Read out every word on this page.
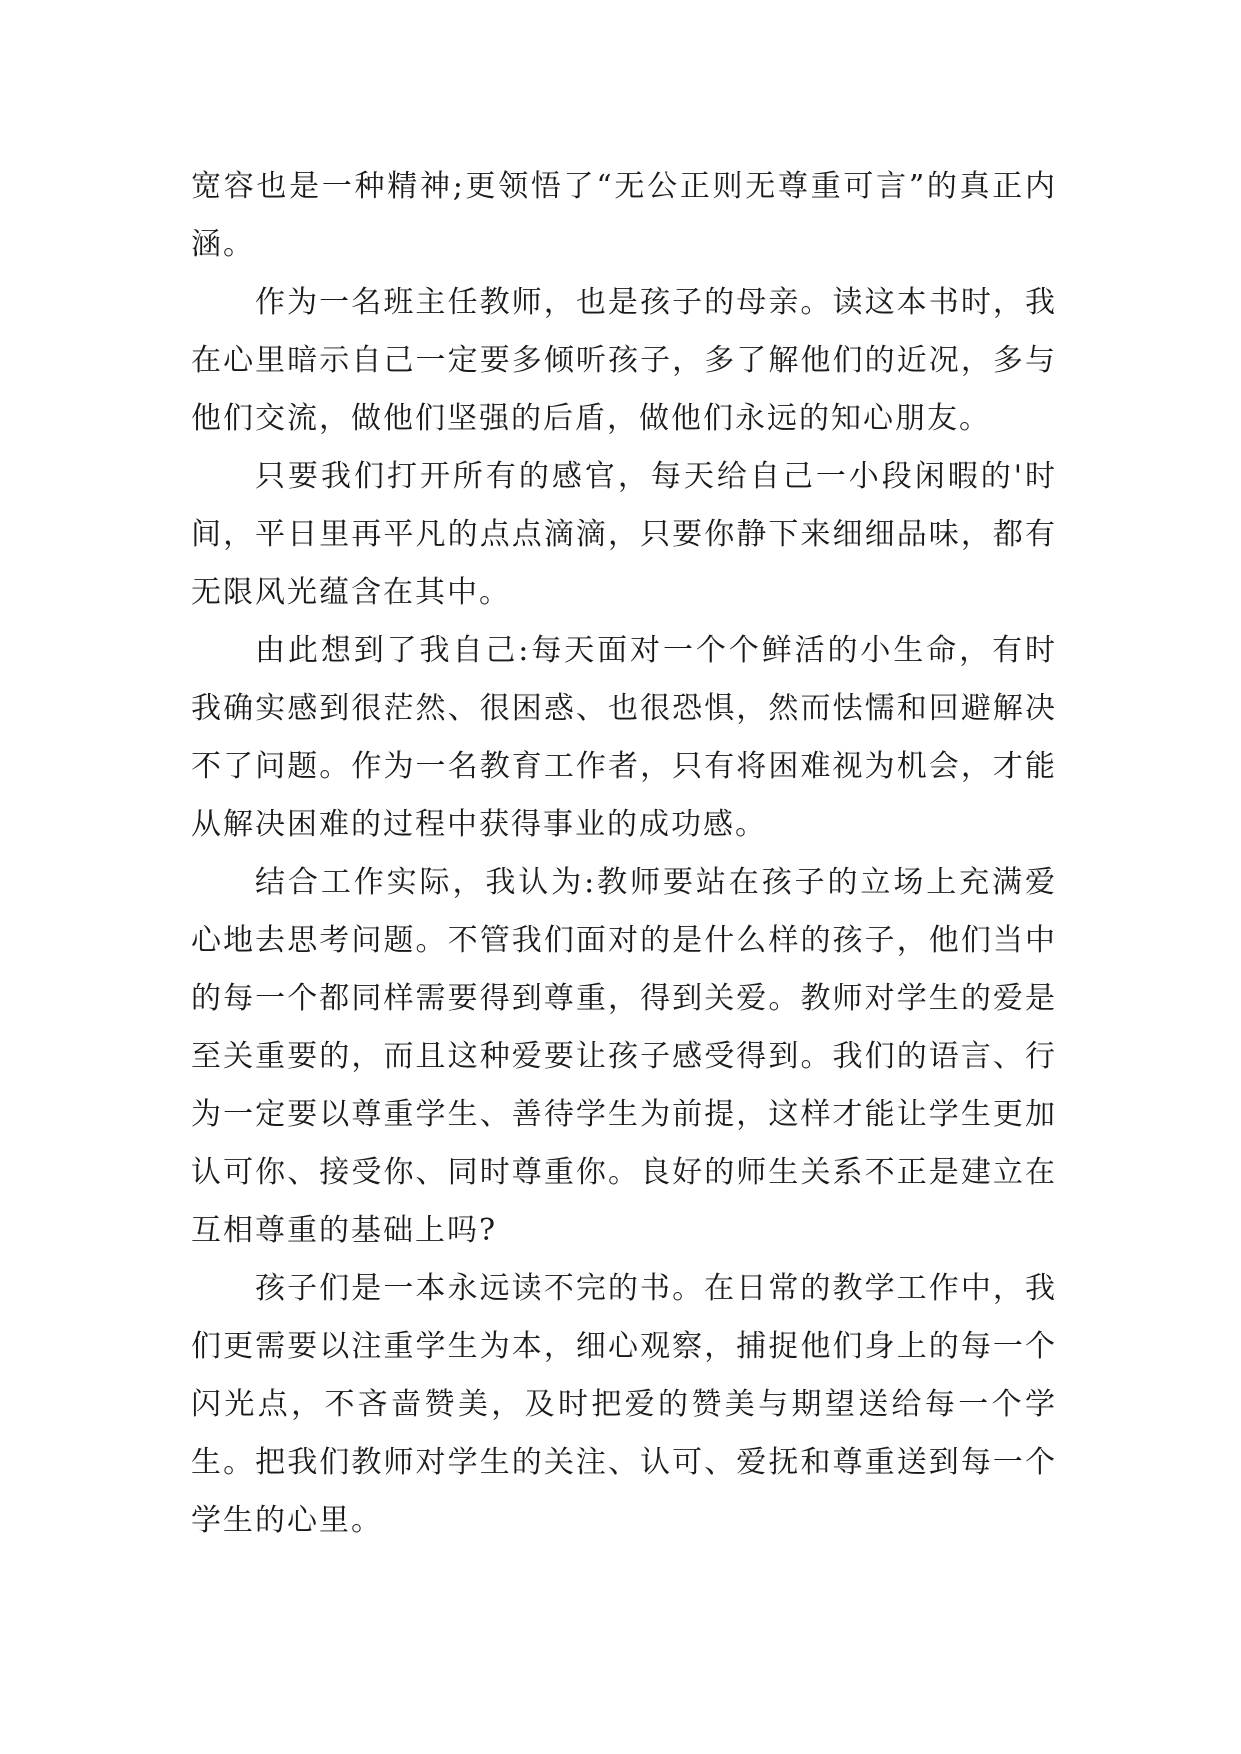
宽容也是一种精神;更领悟了“无公正则无尊重可言”的真正内涵。

作为一名班主任教师，也是孩子的母亲。读这本书时，我在心里暗示自己一定要多倾听孩子，多了解他们的近况，多与他们交流，做他们坚强的后盾，做他们永远的知心朋友。

只要我们打开所有的感官，每天给自己一小段闲暇的'时间，平日里再平凡的点点滴滴，只要你静下来细细品味，都有无限风光蕴含在其中。

由此想到了我自己:每天面对一个个鲜活的小生命，有时我确实感到很茫然、很困惑、也很恐惧，然而怯懦和回避解决不了问题。作为一名教育工作者，只有将困难视为机会，才能从解决困难的过程中获得事业的成功感。

结合工作实际，我认为:教师要站在孩子的立场上充满爱心地去思考问题。不管我们面对的是什么样的孩子，他们当中的每一个都同样需要得到尊重，得到关爱。教师对学生的爱是至关重要的，而且这种爱要让孩子感受得到。我们的语言、行为一定要以尊重学生、善待学生为前提，这样才能让学生更加认可你、接受你、同时尊重你。良好的师生关系不正是建立在互相尊重的基础上吗?

孩子们是一本永远读不完的书。在日常的教学工作中，我们更需要以注重学生为本，细心观察，捕捉他们身上的每一个闪光点，不吝啬赞美，及时把爱的赞美与期望送给每一个学生。把我们教师对学生的关注、认可、爱抚和尊重送到每一个学生的心里。
